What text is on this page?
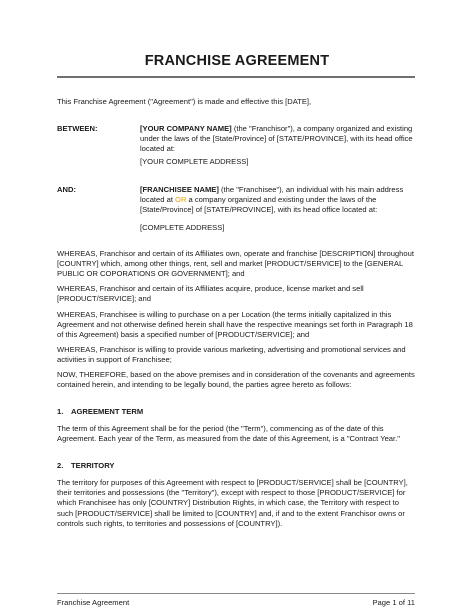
FRANCHISE AGREEMENT
This Franchise Agreement ("Agreement") is made and effective this [DATE],
BETWEEN:	[YOUR COMPANY NAME] (the "Franchisor"), a company organized and existing under the laws of the [State/Province] of [STATE/PROVINCE], with its head office located at:
[YOUR COMPLETE ADDRESS]
AND:	[FRANCHISEE NAME] (the "Franchisee"), an individual with his main address located at OR a company organized and existing under the laws of the [State/Province] of [STATE/PROVINCE], with its head office located at:
[COMPLETE ADDRESS]
WHEREAS, Franchisor and certain of its Affiliates own, operate and franchise [DESCRIPTION] throughout [COUNTRY] which, among other things, rent, sell and market [PRODUCT/SERVICE] to the [GENERAL PUBLIC OR COPORATIONS OR GOVERNMENT]; and
WHEREAS, Franchisor and certain of its Affiliates acquire, produce, license market and sell [PRODUCT/SERVICE]; and
WHEREAS, Franchisee is willing to purchase on a per Location (the terms initially capitalized in this Agreement and not otherwise defined herein shall have the respective meanings set forth in Paragraph 18 of this Agreement) basis a specified number of [PRODUCT/SERVICE]; and
WHEREAS, Franchisor is willing to provide various marketing, advertising and promotional services and activities in support of Franchisee;
NOW, THEREFORE, based on the above premises and in consideration of the covenants and agreements contained herein, and intending to be legally bound, the parties agree hereto as follows:
1. AGREEMENT TERM
The term of this Agreement shall be for the period (the "Term"), commencing as of the date of this Agreement. Each year of the Term, as measured from the date of this Agreement, is a "Contract Year."
2. TERRITORY
The territory for purposes of this Agreement with respect to [PRODUCT/SERVICE] shall be [COUNTRY], their territories and possessions (the "Territory"), except with respect to those [PRODUCT/SERVICE] for which Franchisee has only [COUNTRY] Distribution Rights, in which case, the Territory with respect to such [PRODUCT/SERVICE] shall be limited to [COUNTRY] and, if and to the extent Franchisor owns or controls such rights, to territories and possessions of [COUNTRY]).
Franchise Agreement	Page 1 of 11
